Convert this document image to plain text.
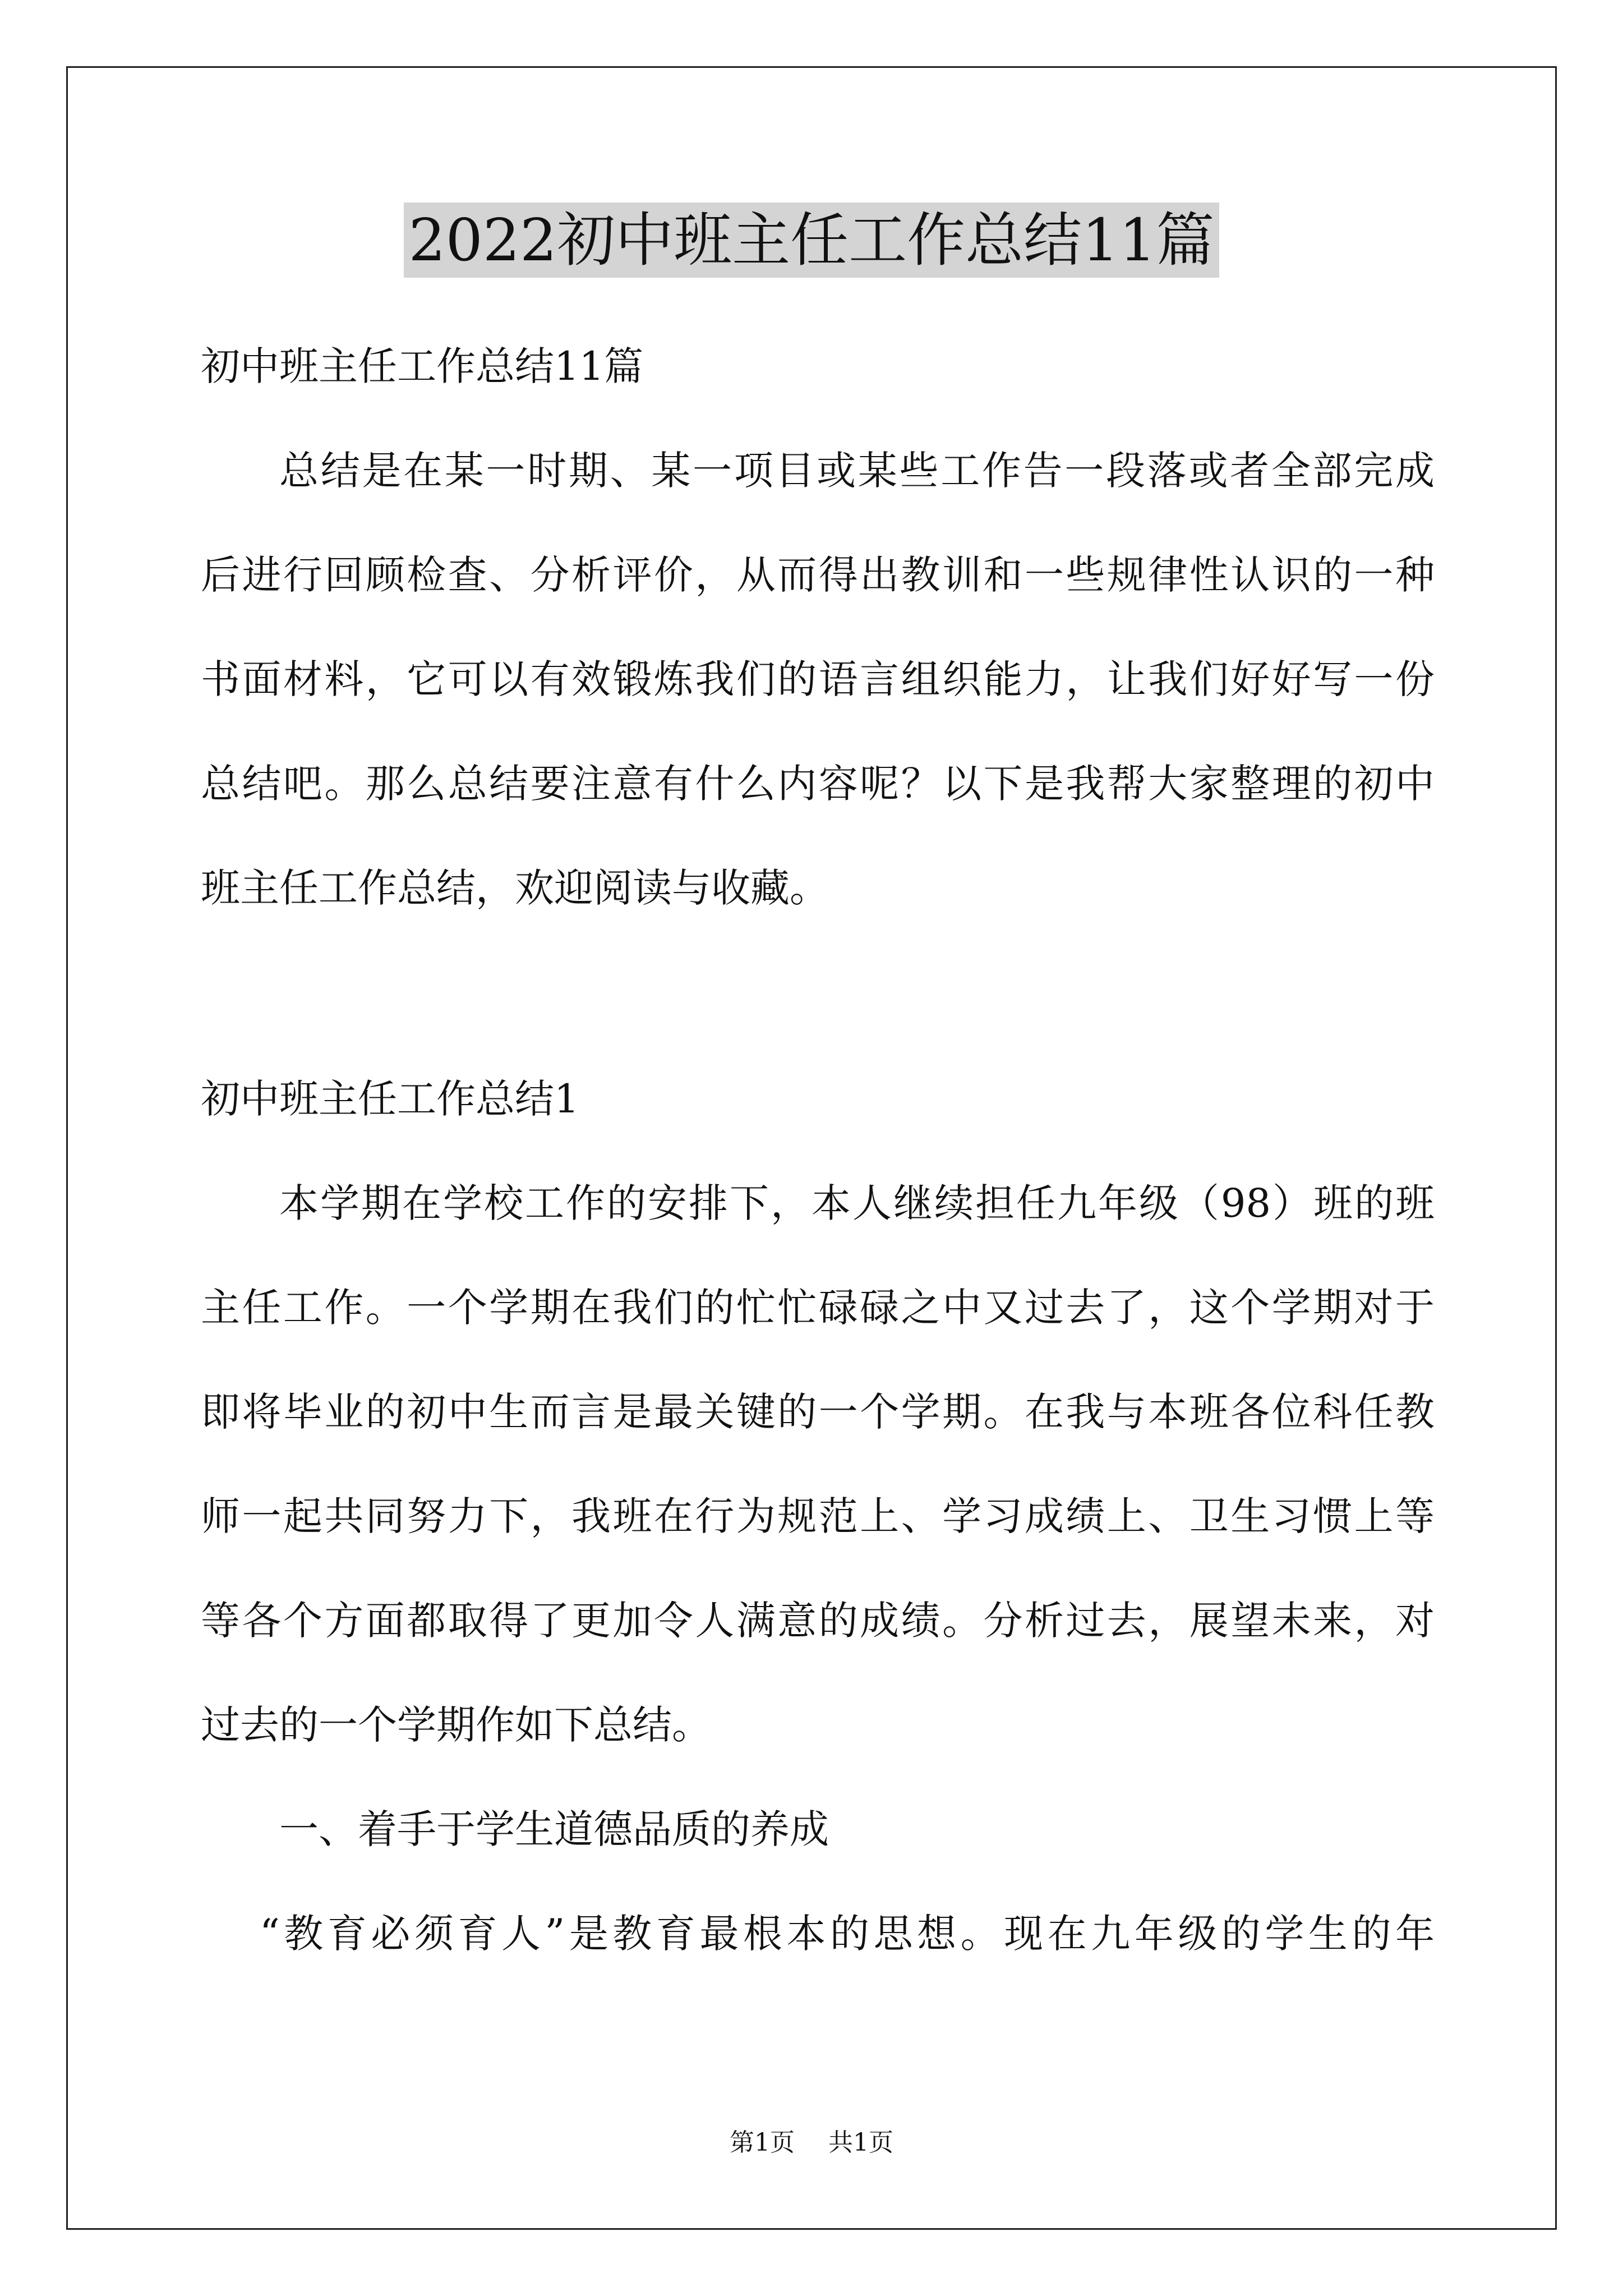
2022初中班主任工作总结11篇
初中班主任工作总结11篇
总结是在某一时期、某一项目或某些工作告一段落或者全部完成
后进行回顾检查、分析评价，从而得出教训和一些规律性认识的一种
书面材料，它可以有效锻炼我们的语言组织能力，让我们好好写一份
总结吧。那么总结要注意有什么内容呢？以下是我帮大家整理的初中
班主任工作总结，欢迎阅读与收藏。
初中班主任工作总结1
本学期在学校工作的安排下，本人继续担任九年级（98）班的班
主任工作。一个学期在我们的忙忙碌碌之中又过去了，这个学期对于
即将毕业的初中生而言是最关键的一个学期。在我与本班各位科任教
师一起共同努力下，我班在行为规范上、学习成绩上、卫生习惯上等
等各个方面都取得了更加令人满意的成绩。分析过去，展望未来，对
过去的一个学期作如下总结。
一、着手于学生道德品质的养成
“教育必须育人”是教育最根本的思想。现在九年级的学生的年
第1页 共1页
